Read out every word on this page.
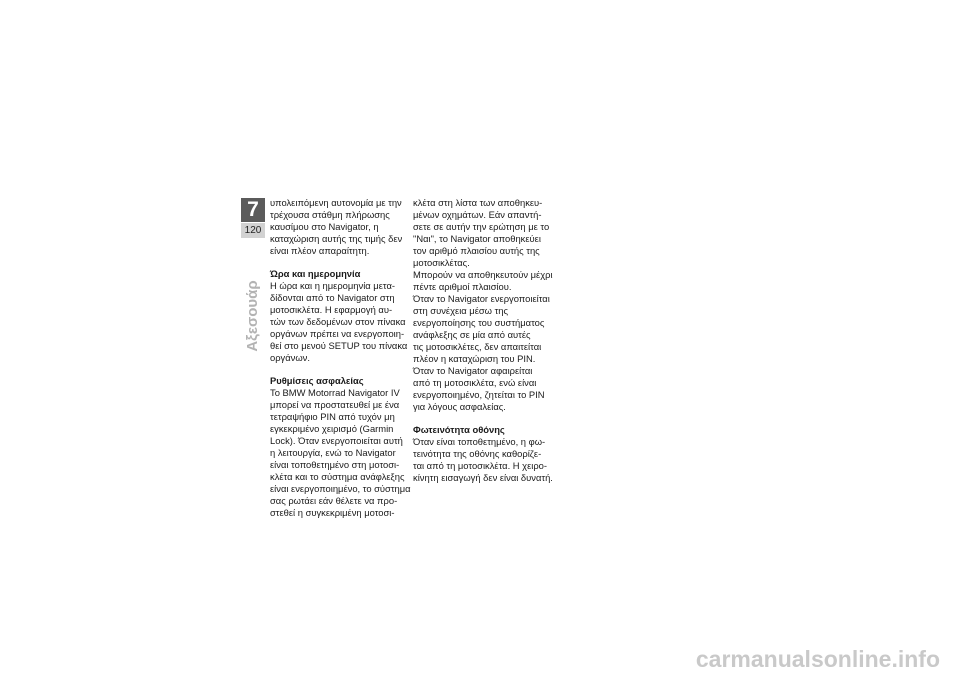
7
120
Αξεσουάρ
υπολειπόμενη αυτονομία με την
τρέχουσα στάθμη πλήρωσης
καυσίμου στο Navigator, η
καταχώριση αυτής της τιμής δεν
είναι πλέον απαραίτητη.
Ώρα και ημερομηνία
Η ώρα και η ημερομηνία μετα-
δίδονται από το Navigator στη
μοτοσικλέτα. Η εφαρμογή αυ-
τών των δεδομένων στον πίνακα
οργάνων πρέπει να ενεργοποιη-
θεί στο μενού SETUP του πίνακα
οργάνων.
Ρυθμίσεις ασφαλείας
Το BMW Motorrad Navigator IV
μπορεί να προστατευθεί με ένα
τετραψήφιο PIN από τυχόν μη
εγκεκριμένο χειρισμό (Garmin
Lock). Όταν ενεργοποιείται αυτή
η λειτουργία, ενώ το Navigator
είναι τοποθετημένο στη μοτοσι-
κλέτα και το σύστημα ανάφλεξης
είναι ενεργοποιημένο, το σύστημα
σας ρωτάει εάν θέλετε να προ-
στεθεί η συγκεκριμένη μοτοσι-
κλέτα στη λίστα των αποθηκευ-
μένων οχημάτων. Εάν απαντή-
σετε σε αυτήν την ερώτηση με το
"Ναι", το Navigator αποθηκεύει
τον αριθμό πλαισίου αυτής της
μοτοσικλέτας.
Μπορούν να αποθηκευτούν μέχρι
πέντε αριθμοί πλαισίου.
Όταν το Navigator ενεργοποιείται
στη συνέχεια μέσω της
ενεργοποίησης του συστήματος
ανάφλεξης σε μία από αυτές
τις μοτοσικλέτες, δεν απαιτείται
πλέον η καταχώριση του PIN.
Όταν το Navigator αφαιρείται
από τη μοτοσικλέτα, ενώ είναι
ενεργοποιημένο, ζητείται το PIN
για λόγους ασφαλείας.
Φωτεινότητα οθόνης
Όταν είναι τοποθετημένο, η φω-
τεινότητα της οθόνης καθορίζε-
ται από τη μοτοσικλέτα. Η χειρο-
κίνητη εισαγωγή δεν είναι δυνατή.
carmanualsonline.info
